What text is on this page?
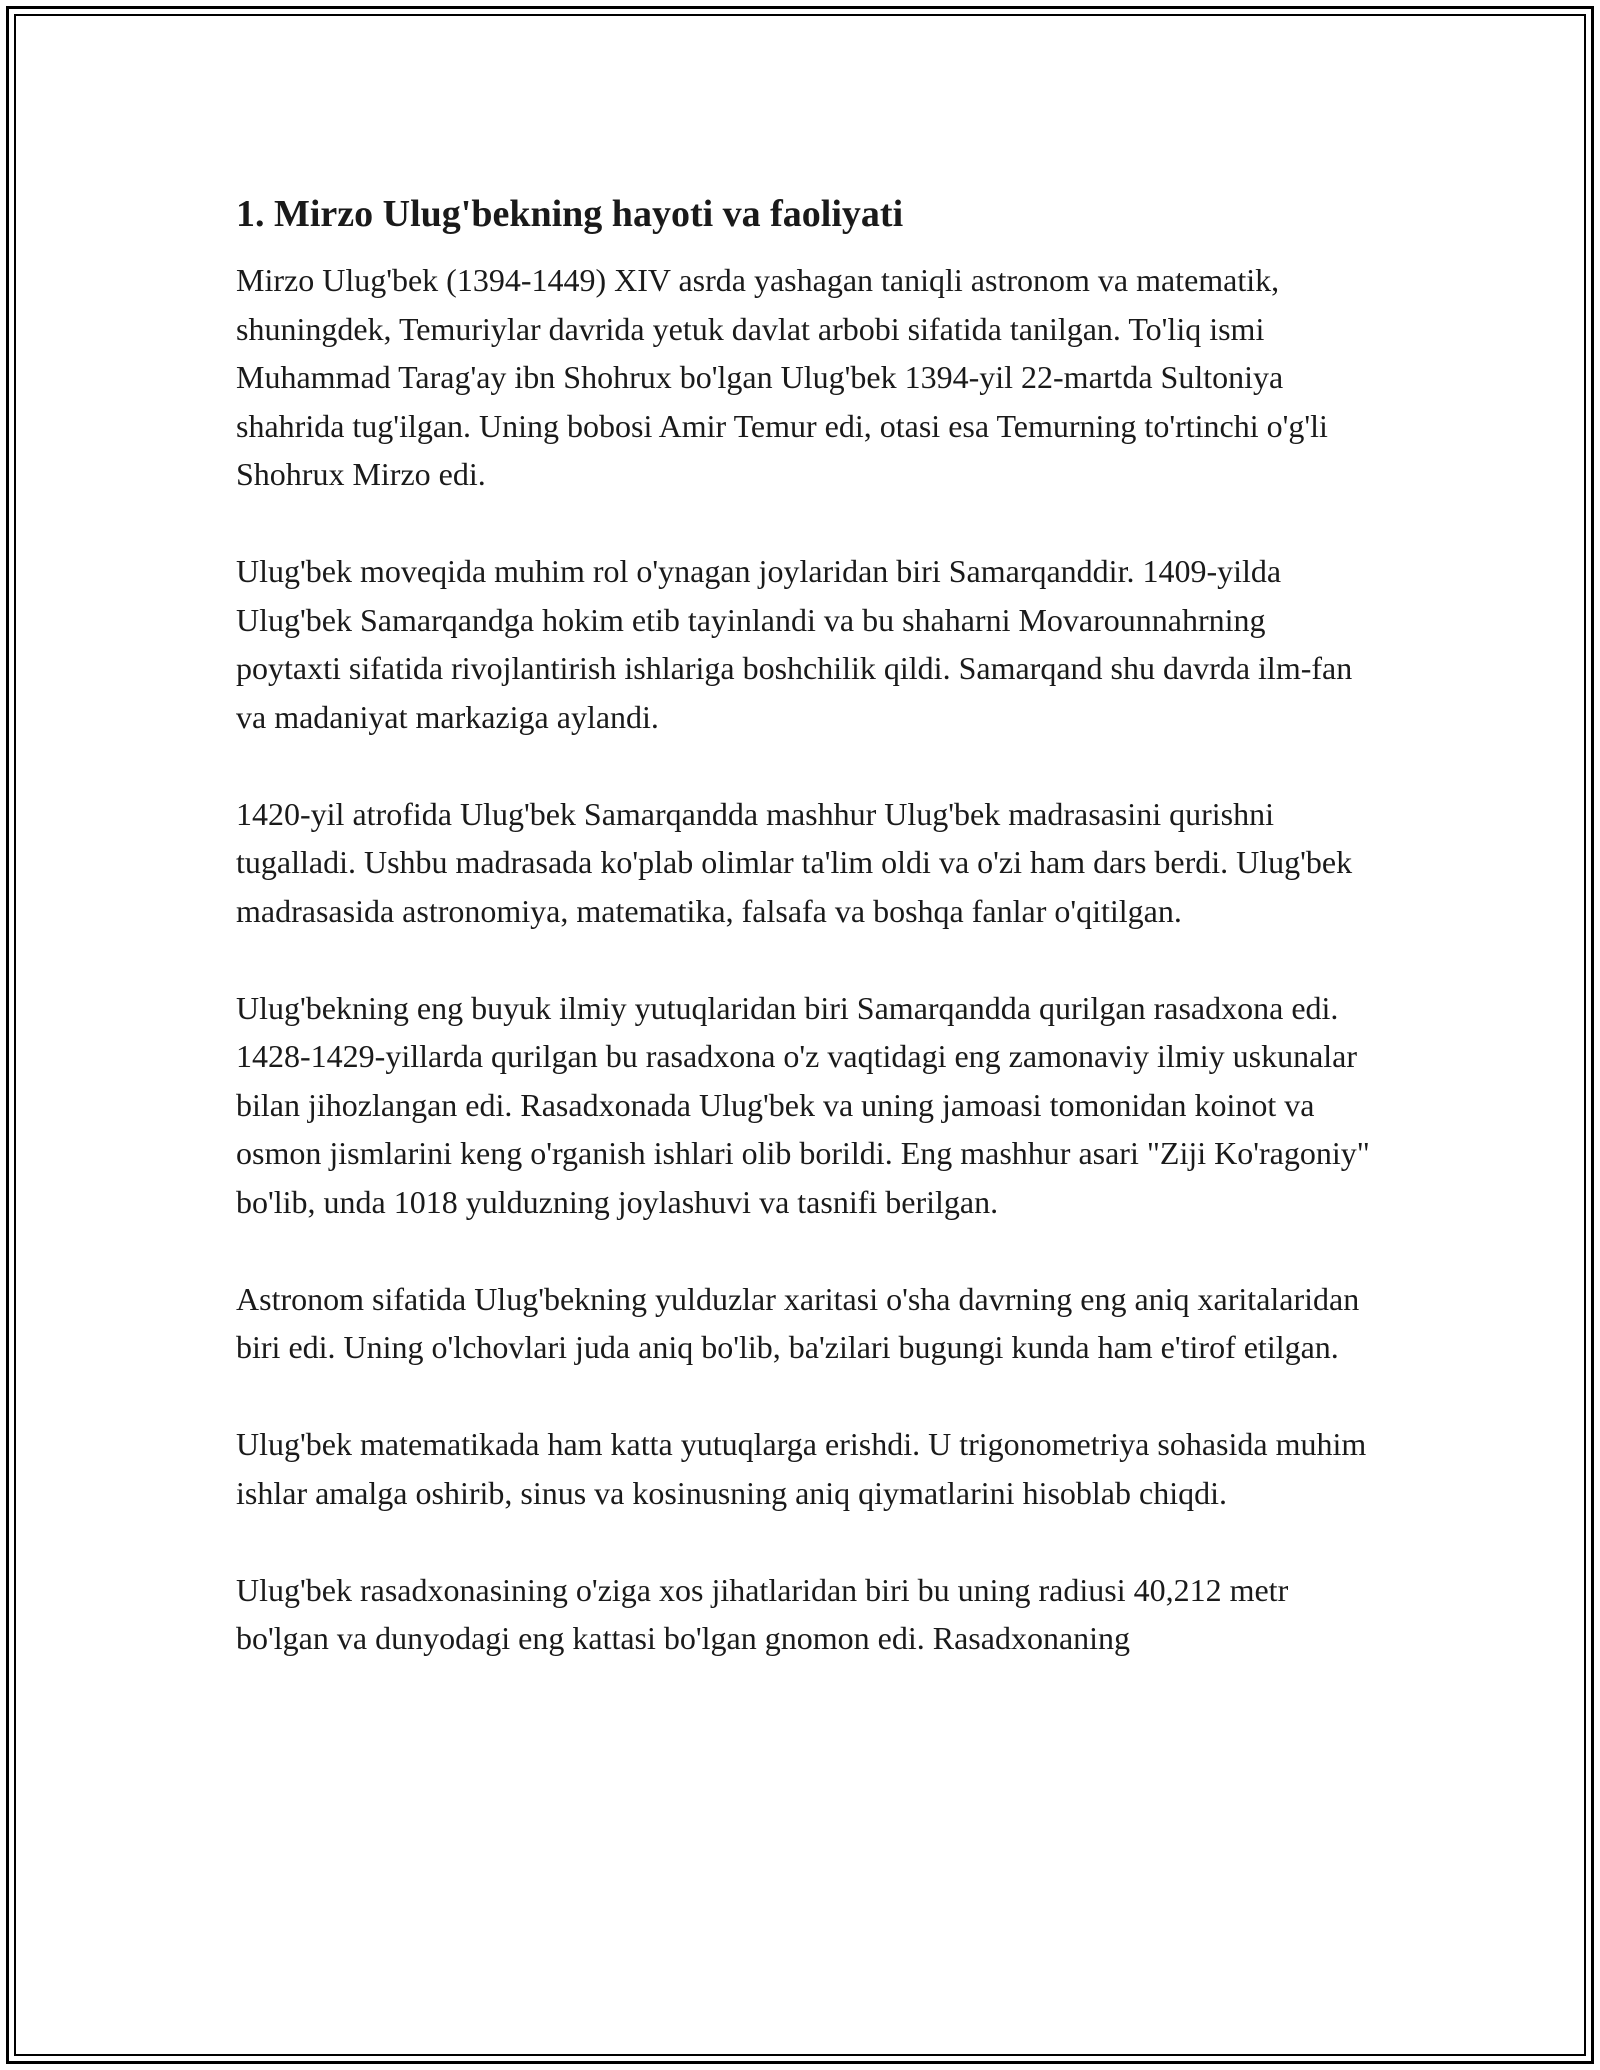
1. Mirzo Ulug'bekning hayoti va faoliyati

Mirzo Ulug'bek (1394-1449) XIV asrda yashagan taniqli astronom va matematik, shuningdek, Temuriylar davrida yetuk davlat arbobi sifatida tanilgan. To'liq ismi Muhammad Tarag'ay ibn Shohrux bo'lgan Ulug'bek 1394-yil 22-martda Sultoniya shahrida tug'ilgan. Uning bobosi Amir Temur edi, otasi esa Temurning to'rtinchi o'g'li Shohrux Mirzo edi.

Ulug'bek moveqida muhim rol o'ynagan joylaridan biri Samarqanddir. 1409-yilda Ulug'bek Samarqandga hokim etib tayinlandi va bu shaharni Movarounnahrning poytaxti sifatida rivojlantirish ishlariga boshchilik qildi. Samarqand shu davrda ilm-fan va madaniyat markaziga aylandi.

1420-yil atrofida Ulug'bek Samarqandda mashhur Ulug'bek madrasasini qurishni tugalladi. Ushbu madrasada ko'plab olimlar ta'lim oldi va o'zi ham dars berdi. Ulug'bek madrasasida astronomiya, matematika, falsafa va boshqa fanlar o'qitilgan.

Ulug'bekning eng buyuk ilmiy yutuqlaridan biri Samarqandda qurilgan rasadxona edi. 1428-1429-yillarda qurilgan bu rasadxona o'z vaqtidagi eng zamonaviy ilmiy uskunalar bilan jihozlangan edi. Rasadxonada Ulug'bek va uning jamoasi tomonidan koinot va osmon jismlarini keng o'rganish ishlari olib borildi. Eng mashhur asari "Ziji Ko'ragoniy" bo'lib, unda 1018 yulduzning joylashuvi va tasnifi berilgan.

Astronom sifatida Ulug'bekning yulduzlar xaritasi o'sha davrning eng aniq xaritalaridan biri edi. Uning o'lchovlari juda aniq bo'lib, ba'zilari bugungi kunda ham e'tirof etilgan.

Ulug'bek matematikada ham katta yutuqlarga erishdi. U trigonometriya sohasida muhim ishlar amalga oshirib, sinus va kosinusning aniq qiymatlarini hisoblab chiqdi.

Ulug'bek rasadxonasining o'ziga xos jihatlaridan biri bu uning radiusi 40,212 metr bo'lgan va dunyodagi eng kattasi bo'lgan gnomon edi. Rasadxonaning
